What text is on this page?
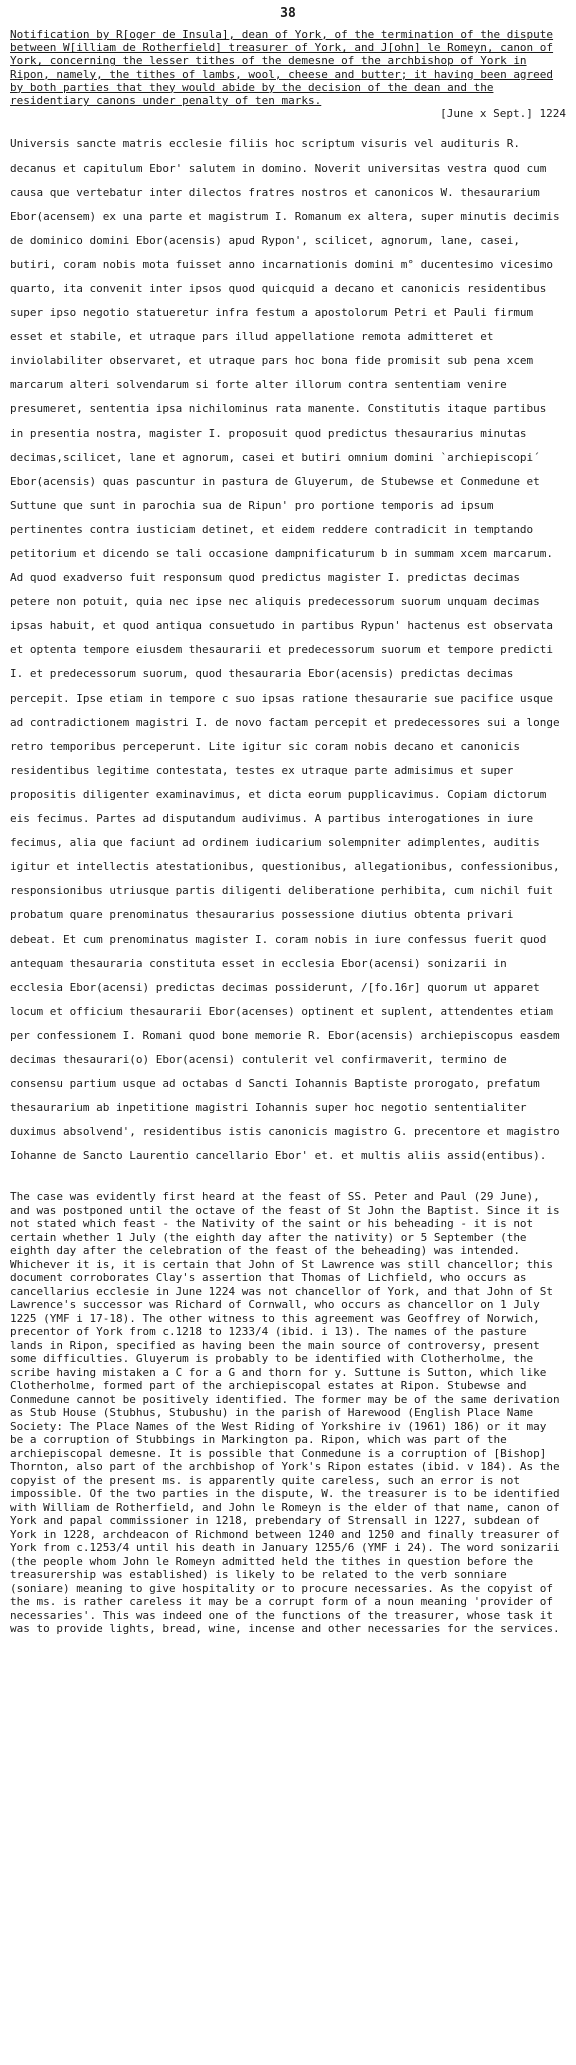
38

Notification by R[oger de Insula], dean of York, of the termination of the dispute between W[illiam de Rotherfield] treasurer of York, and J[ohn] le Romeyn, canon of York, concerning the lesser tithes of the demesne of the archbishop of York in Ripon, namely, the tithes of lambs, wool, cheese and butter; it having been agreed by both parties that they would abide by the decision of the dean and the residentiary canons under penalty of ten marks.

[June x Sept.] 1224

Universis sancte matris ecclesie filiis hoc scriptum visuris vel audituris R. decanus et capitulum Ebor' salutem in domino. Noverit universitas vestra quod cum causa que vertebatur inter dilectos fratres nostros et canonicos W. thesaurarium Ebor(acensem) ex una parte et magistrum I. Romanum ex altera, super minutis decimis de dominico domini Ebor(acensis) apud Rypon', scilicet, agnorum, lane, casei, butiri, coram nobis mota fuisset anno incarnationis domini m° ducentesimo vicesimo quarto, ita convenit inter ipsos quod quicquid a decano et canonicis residentibus super ipso negotio statueretur infra festum a apostolorum Petri et Pauli firmum esset et stabile, et utraque pars illud appellatione remota admitteret et inviolabiliter observaret, et utraque pars hoc bona fide promisit sub pena xcem marcarum alteri solvendarum si forte alter illorum contra sententiam venire presumeret, sententia ipsa nichilominus rata manente. Constitutis itaque partibus in presentia nostra, magister I. proposuit quod predictus thesaurarius minutas decimas,scilicet, lane et agnorum, casei et butiri omnium domini `archiepiscopi´ Ebor(acensis) quas pascuntur in pastura de Gluyerum, de Stubewse et Conmedune et Suttune que sunt in parochia sua de Ripun' pro portione temporis ad ipsum pertinentes contra iusticiam detinet, et eidem reddere contradicit in temptando petitorium et dicendo se tali occasione dampnificaturum b in summam xcem marcarum. Ad quod exadverso fuit responsum quod predictus magister I. predictas decimas petere non potuit, quia nec ipse nec aliquis predecessorum suorum unquam decimas ipsas habuit, et quod antiqua consuetudo in partibus Rypun' hactenus est observata et optenta tempore eiusdem thesaurarii et predecessorum suorum et tempore predicti I. et predecessorum suorum, quod thesauraria Ebor(acensis) predictas decimas percepit. Ipse etiam in tempore c suo ipsas ratione thesaurarie sue pacifice usque ad contradictionem magistri I. de novo factam percepit et predecessores sui a longe retro temporibus perceperunt. Lite igitur sic coram nobis decano et canonicis residentibus legitime contestata, testes ex utraque parte admisimus et super propositis diligenter examinavimus, et dicta eorum pupplicavimus. Copiam dictorum eis fecimus. Partes ad disputandum audivimus. A partibus interogationes in iure fecimus, alia que faciunt ad ordinem iudicarium solempniter adimplentes, auditis igitur et intellectis atestationibus, questionibus, allegationibus, confessionibus, responsionibus utriusque partis diligenti deliberatione perhibita, cum nichil fuit probatum quare prenominatus thesaurarius possessione diutius obtenta privari debeat. Et cum prenominatus magister I. coram nobis in iure confessus fuerit quod antequam thesauraria constituta esset in ecclesia Ebor(acensi) sonizarii in ecclesia Ebor(acensi) predictas decimas possiderunt, /[fo.16r] quorum ut apparet locum et officium thesaurarii Ebor(acenses) optinent et suplent, attendentes etiam per confessionem I. Romani quod bone memorie R. Ebor(acensis) archiepiscopus easdem decimas thesaurari(o) Ebor(acensi) contulerit vel confirmaverit, termino de consensu partium usque ad octabas d Sancti Iohannis Baptiste prorogato, prefatum thesaurarium ab inpetitione magistri Iohannis super hoc negotio sententialiter duximus absolvend', residentibus istis canonicis magistro G. precentore et magistro Iohanne de Sancto Laurentio cancellario Ebor' et. et multis aliis assid(entibus).

The case was evidently first heard at the feast of SS. Peter and Paul (29 June), and was postponed until the octave of the feast of St John the Baptist. Since it is not stated which feast - the Nativity of the saint or his beheading - it is not certain whether 1 July (the eighth day after the nativity) or 5 September (the eighth day after the celebration of the feast of the beheading) was intended. Whichever it is, it is certain that John of St Lawrence was still chancellor; this document corroborates Clay's assertion that Thomas of Lichfield, who occurs as cancellarius ecclesie in June 1224 was not chancellor of York, and that John of St Lawrence's successor was Richard of Cornwall, who occurs as chancellor on 1 July 1225 (YMF i 17-18). The other witness to this agreement was Geoffrey of Norwich, precentor of York from c.1218 to 1233/4 (ibid. i 13). The names of the pasture lands in Ripon, specified as having been the main source of controversy, present some difficulties. Gluyerum is probably to be identified with Clotherholme, the scribe having mistaken a C for a G and thorn for y. Suttune is Sutton, which like Clotherholme, formed part of the archiepiscopal estates at Ripon. Stubewse and Conmedune cannot be positively identified. The former may be of the same derivation as Stub House (Stubhus, Stubushu) in the parish of Harewood (English Place Name Society: The Place Names of the West Riding of Yorkshire iv (1961) 186) or it may be a corruption of Stubbings in Markington pa. Ripon, which was part of the archiepiscopal demesne. It is possible that Conmedune is a corruption of [Bishop] Thornton, also part of the archbishop of York's Ripon estates (ibid. v 184). As the copyist of the present ms. is apparently quite careless, such an error is not impossible. Of the two parties in the dispute, W. the treasurer is to be identified with William de Rotherfield, and John le Romeyn is the elder of that name, canon of York and papal commissioner in 1218, prebendary of Strensall in 1227, subdean of York in 1228, archdeacon of Richmond between 1240 and 1250 and finally treasurer of York from c.1253/4 until his death in January 1255/6 (YMF i 24). The word sonizarii (the people whom John le Romeyn admitted held the tithes in question before the treasurership was established) is likely to be related to the verb sonniare (soniare) meaning to give hospitality or to procure necessaries. As the copyist of the ms. is rather careless it may be a corrupt form of a noun meaning 'provider of necessaries'. This was indeed one of the functions of the treasurer, whose task it was to provide lights, bread, wine, incense and other necessaries for the services.
